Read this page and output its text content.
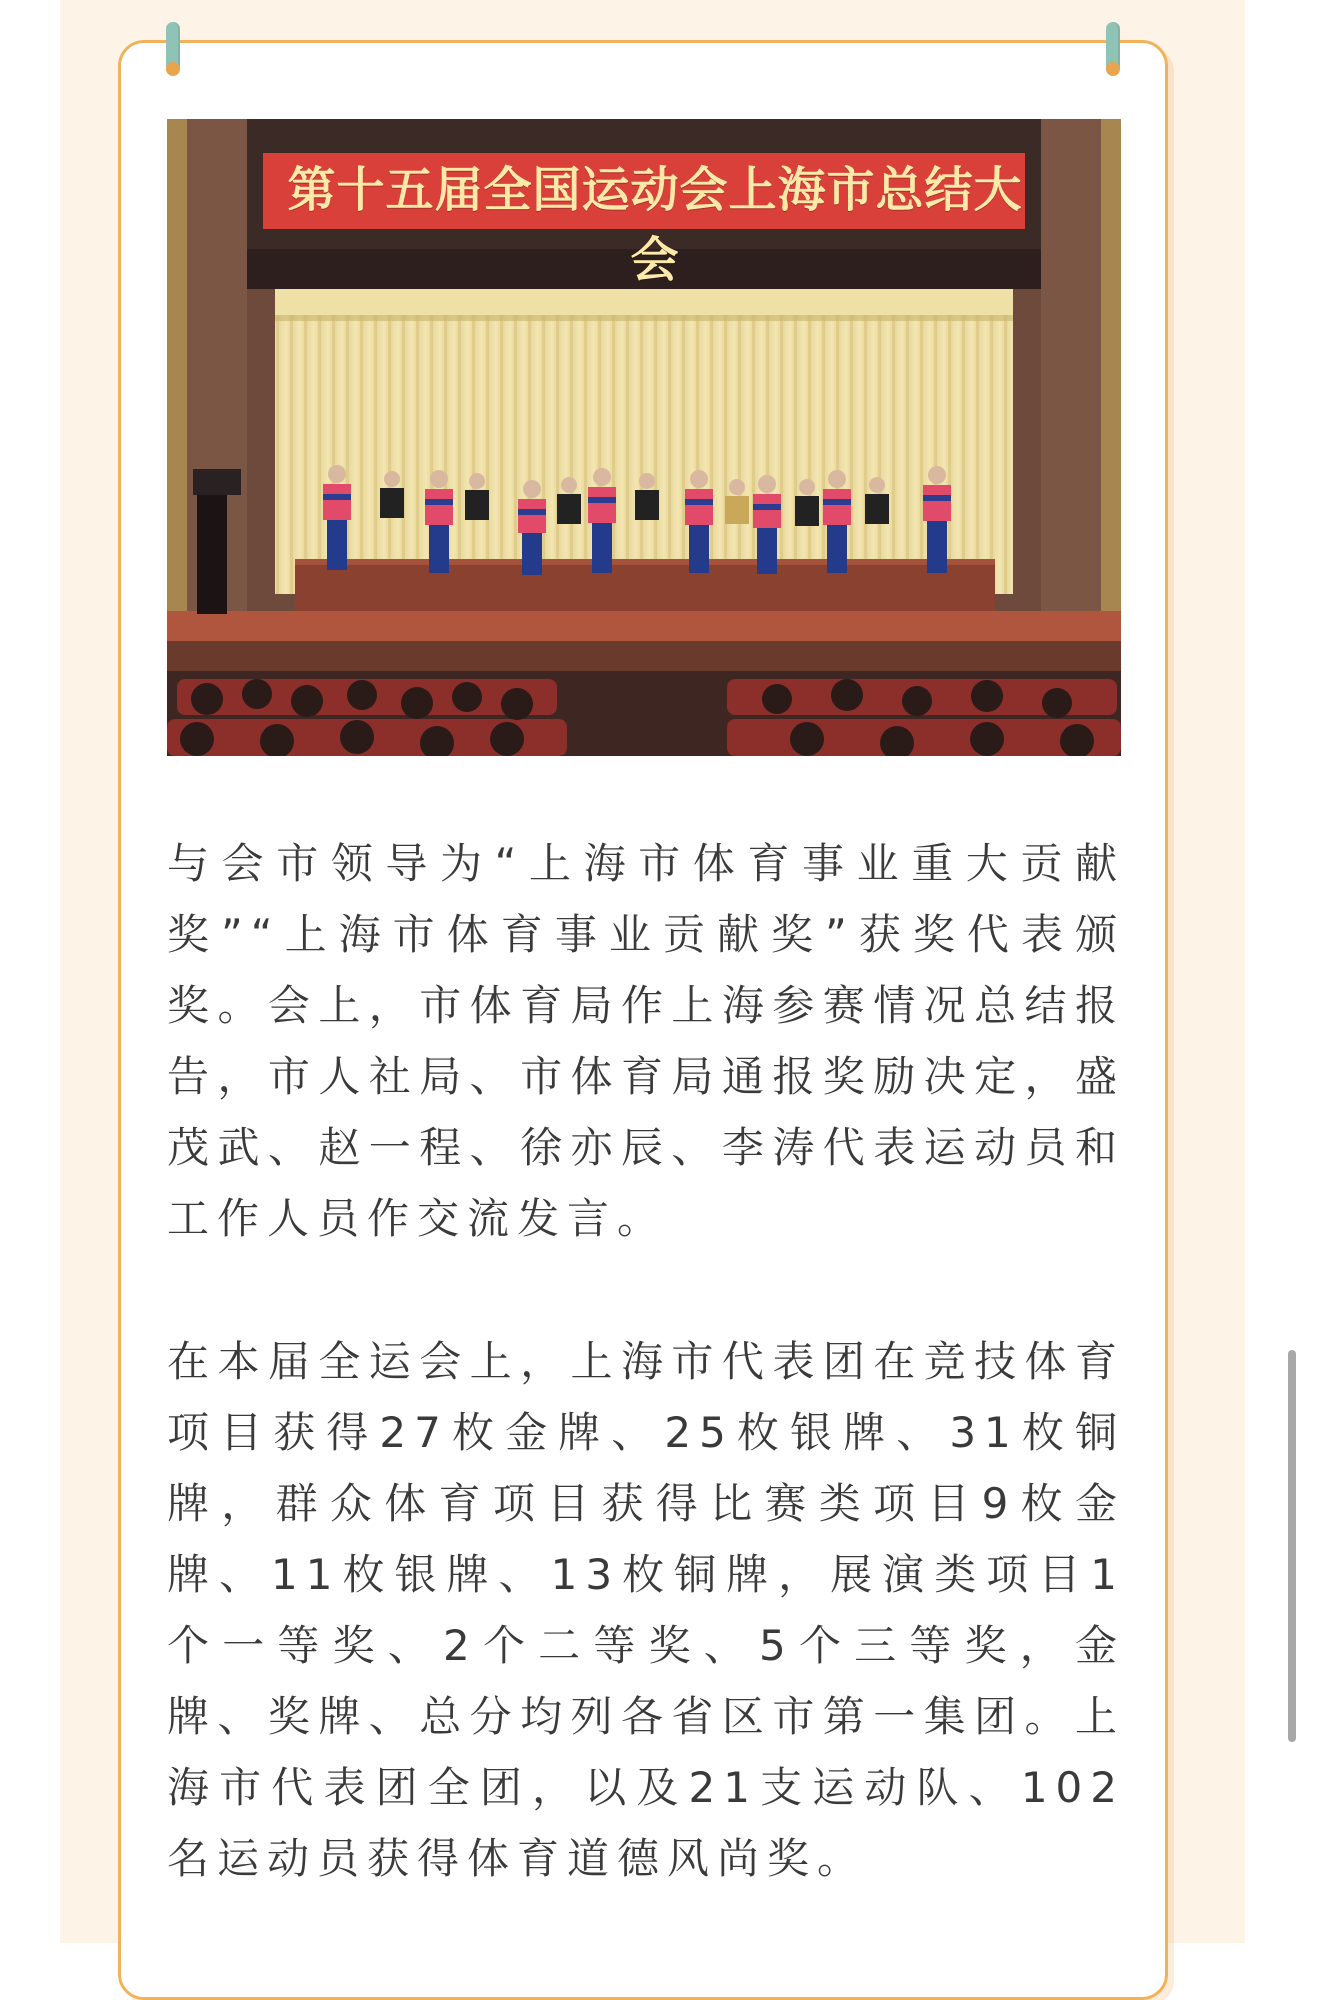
第十五届全国运动会上海市总结大会

与会市领导为“上海市体育事业重大贡献奖”“上海市体育事业贡献奖”获奖代表颁奖。会上，市体育局作上海参赛情况总结报告，市人社局、市体育局通报奖励决定，盛茂武、赵一程、徐亦辰、李涛代表运动员和工作人员作交流发言。

在本届全运会上，上海市代表团在竞技体育项目获得27枚金牌、25枚银牌、31枚铜牌，群众体育项目获得比赛类项目9枚金牌、11枚银牌、13枚铜牌，展演类项目1个一等奖、2个二等奖、5个三等奖，金牌、奖牌、总分均列各省区市第一集团。上海市代表团全团，以及21支运动队、102名运动员获得体育道德风尚奖。
